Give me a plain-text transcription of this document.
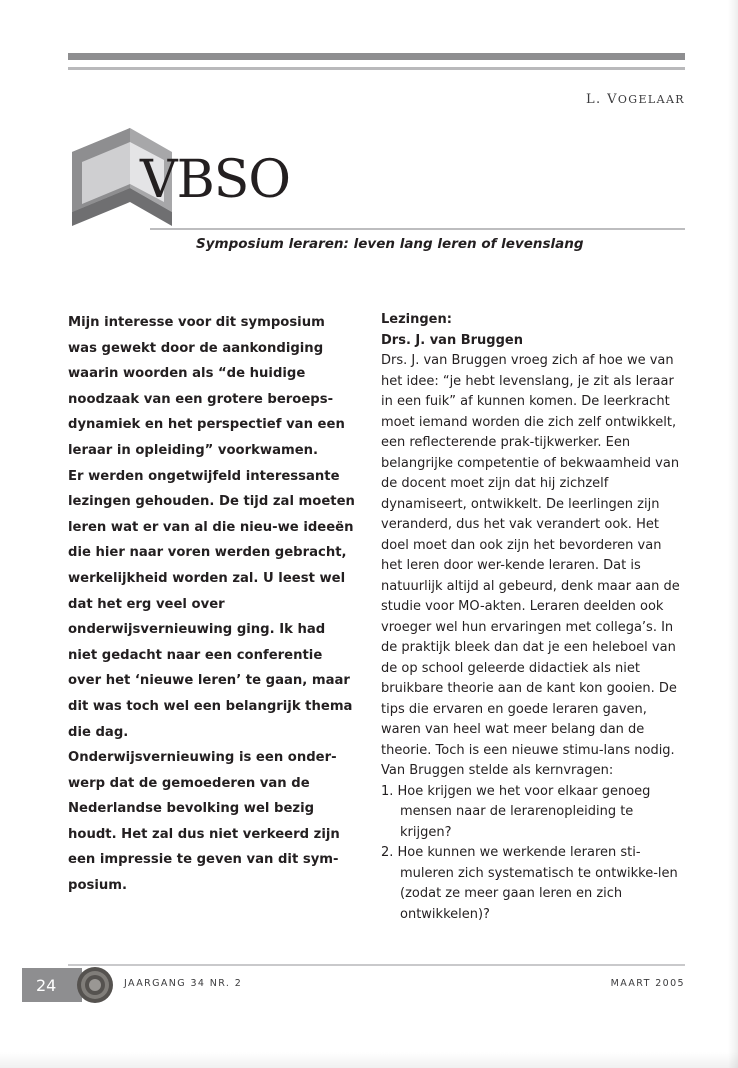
L. VOGELAAR
VBSO
Symposium leraren: leven lang leren of levenslang

Mijn interesse voor dit symposium was gewekt door de aankondiging waarin woorden als “de huidige noodzaak van een grotere beroeps-dynamiek en het perspectief van een leraar in opleiding” voorkwamen.

Er werden ongetwijfeld interessante lezingen gehouden. De tijd zal moeten leren wat er van al die nieu-we ideeën die hier naar voren werden gebracht, werkelijkheid worden zal. U leest wel dat het erg veel over onderwijsvernieuwing ging. Ik had niet gedacht naar een conferentie over het ‘nieuwe leren’ te gaan, maar dit was toch wel een belangrijk thema die dag.

Onderwijsvernieuwing is een onder-werp dat de gemoederen van de Nederlandse bevolking wel bezig houdt. Het zal dus niet verkeerd zijn een impressie te geven van dit sym-posium.

Lezingen:

Drs. J. van Bruggen

Drs. J. van Bruggen vroeg zich af hoe we van het idee: “je hebt levenslang, je zit als leraar in een fuik” af kunnen komen. De leerkracht moet iemand worden die zich zelf ontwikkelt, een reflecterende prak-tijkwerker. Een belangrijke competentie of bekwaamheid van de docent moet zijn dat hij zichzelf dynamiseert, ontwikkelt. De leerlingen zijn veranderd, dus het vak verandert ook. Het doel moet dan ook zijn het bevorderen van het leren door wer-kende leraren. Dat is natuurlijk altijd al gebeurd, denk maar aan de studie voor MO-akten. Leraren deelden ook vroeger wel hun ervaringen met collega’s. In de praktijk bleek dan dat je een heleboel van de op school geleerde didactiek als niet bruikbare theorie aan de kant kon gooien. De tips die ervaren en goede leraren gaven, waren van heel wat meer belang dan de theorie. Toch is een nieuwe stimu-lans nodig.

Van Bruggen stelde als kernvragen:

1. Hoe krijgen we het voor elkaar genoeg mensen naar de lerarenopleiding te krijgen?
2. Hoe kunnen we werkende leraren sti-muleren zich systematisch te ontwikke-len (zodat ze meer gaan leren en zich ontwikkelen)?
24	JAARGANG 34 NR. 2	MAART 2005
